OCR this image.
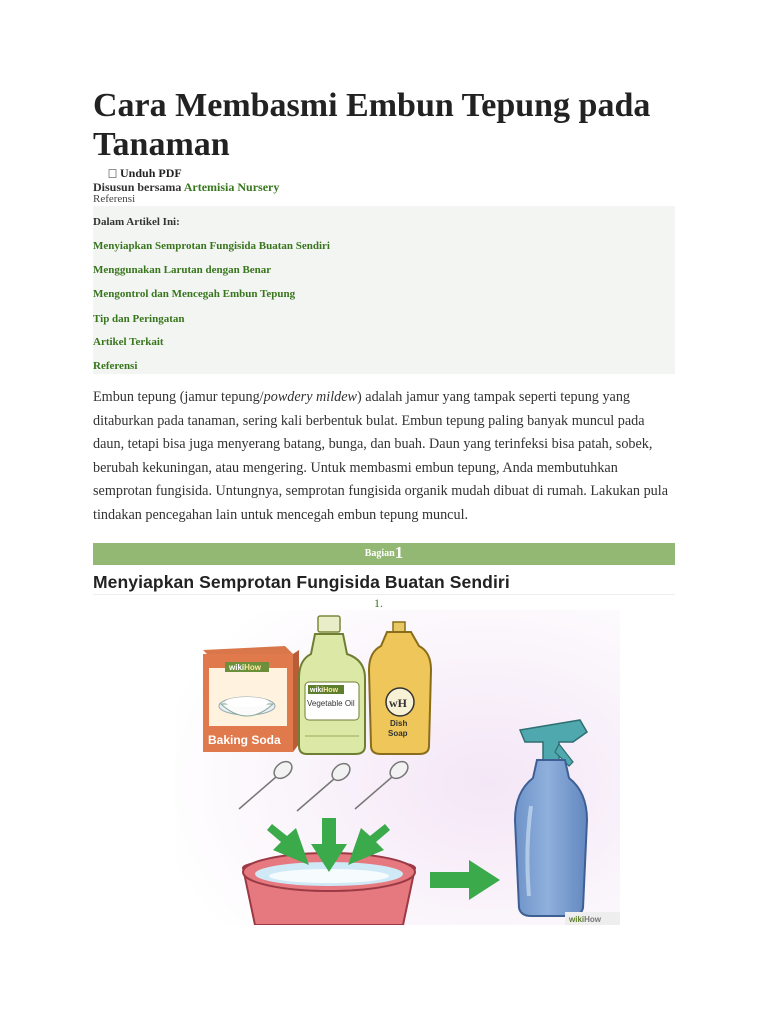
Cara Membasmi Embun Tepung pada Tanaman
Unduh PDF
Disusun bersama Artemisia Nursery
Referensi
Dalam Artikel Ini:
Menyiapkan Semprotan Fungisida Buatan Sendiri
Menggunakan Larutan dengan Benar
Mengontrol dan Mencegah Embun Tepung
Tip dan Peringatan
Artikel Terkait
Referensi

Embun tepung (jamur tepung/powdery mildew) adalah jamur yang tampak seperti tepung yang ditaburkan pada tanaman, sering kali berbentuk bulat. Embun tepung paling banyak muncul pada daun, tetapi bisa juga menyerang batang, bunga, dan buah. Daun yang terinfeksi bisa patah, sobek, berubah kekuningan, atau mengering. Untuk membasmi embun tepung, Anda membutuhkan semprotan fungisida. Untungnya, semprotan fungisida organik mudah dibuat di rumah. Lakukan pula tindakan pencegahan lain untuk mencegah embun tepung muncul.

Bagian1
Menyiapkan Semprotan Fungisida Buatan Sendiri
1.
wikiHow
Baking Soda
wikiHow
Vegetable Oil	wH
Dish
Soap
wikiHow
